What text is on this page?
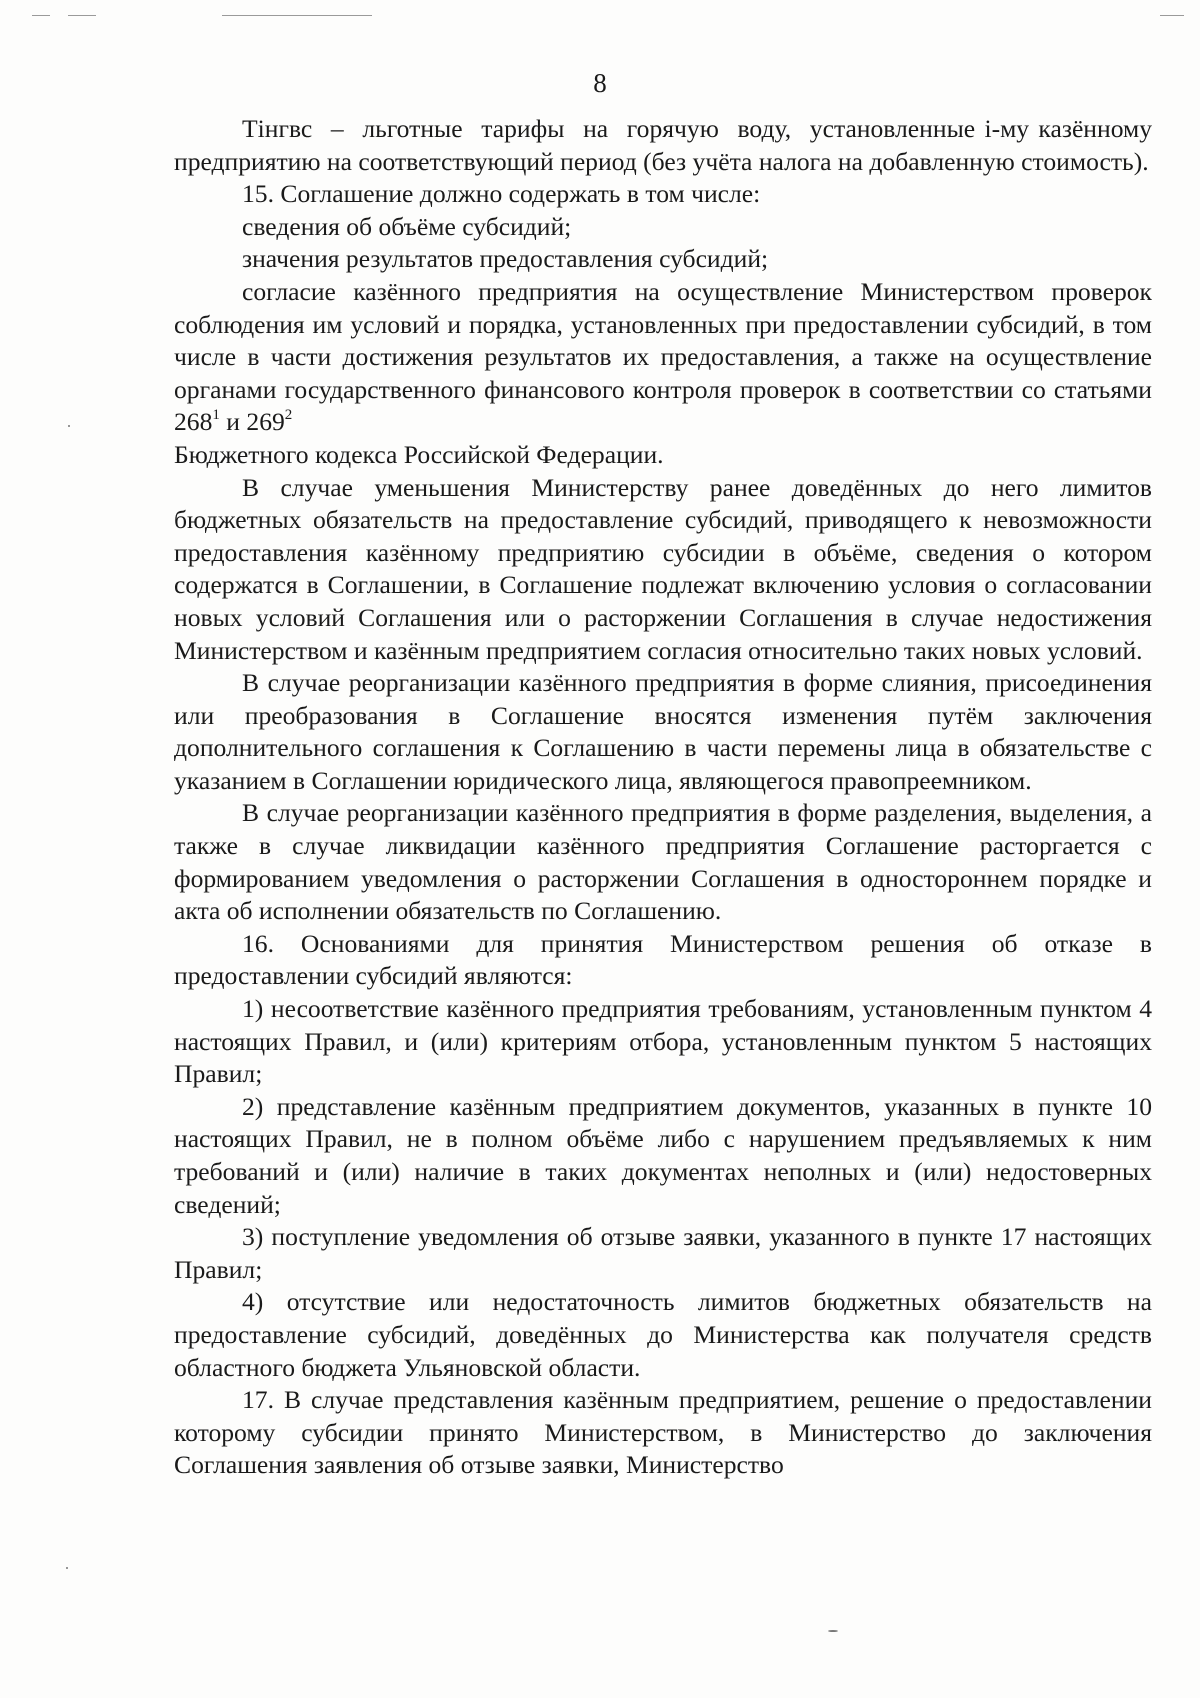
8

Тінгвс  –  льготные  тарифы  на  горячую  воду,  установленные i-му казённому предприятию на соответствующий период (без учёта налога на добавленную стоимость).

15. Соглашение должно содержать в том числе:

сведения об объёме субсидий;

значения результатов предоставления субсидий;

согласие казённого предприятия на осуществление Министерством проверок соблюдения им условий и порядка, установленных при предоставлении субсидий, в том числе в части достижения результатов их предоставления, а также на осуществление органами государственного финансового контроля проверок в соответствии со статьями $268^1$ и $269^2$
Бюджетного кодекса Российской Федерации.

В случае уменьшения Министерству ранее доведённых до него лимитов бюджетных обязательств на предоставление субсидий, приводящего к невозможности предоставления казённому предприятию субсидии в объёме, сведения о котором содержатся в Соглашении, в Соглашение подлежат включению условия о согласовании новых условий Соглашения или о расторжении Соглашения в случае недостижения Министерством и казённым предприятием согласия относительно таких новых условий.

В случае реорганизации казённого предприятия в форме слияния, присоединения или преобразования в Соглашение вносятся изменения путём заключения дополнительного соглашения к Соглашению в части перемены лица в обязательстве с указанием в Соглашении юридического лица, являющегося правопреемником.

В случае реорганизации казённого предприятия в форме разделения, выделения, а также в случае ликвидации казённого предприятия Соглашение расторгается с формированием уведомления о расторжении Соглашения в одностороннем порядке и акта об исполнении обязательств по Соглашению.

16. Основаниями для принятия Министерством решения об отказе в предоставлении субсидий являются:

1) несоответствие казённого предприятия требованиям, установленным пунктом 4 настоящих Правил, и (или) критериям отбора, установленным пунктом 5 настоящих Правил;

2) представление казённым предприятием документов, указанных в пункте 10 настоящих Правил, не в полном объёме либо с нарушением предъявляемых к ним требований и (или) наличие в таких документах неполных и (или) недостоверных сведений;

3) поступление уведомления об отзыве заявки, указанного в пункте 17 настоящих Правил;

4) отсутствие или недостаточность лимитов бюджетных обязательств на предоставление субсидий, доведённых до Министерства как получателя средств областного бюджета Ульяновской области.

17. В случае представления казённым предприятием, решение о предоставлении которому субсидии принято Министерством, в Министерство до заключения Соглашения заявления об отзыве заявки, Министерство
